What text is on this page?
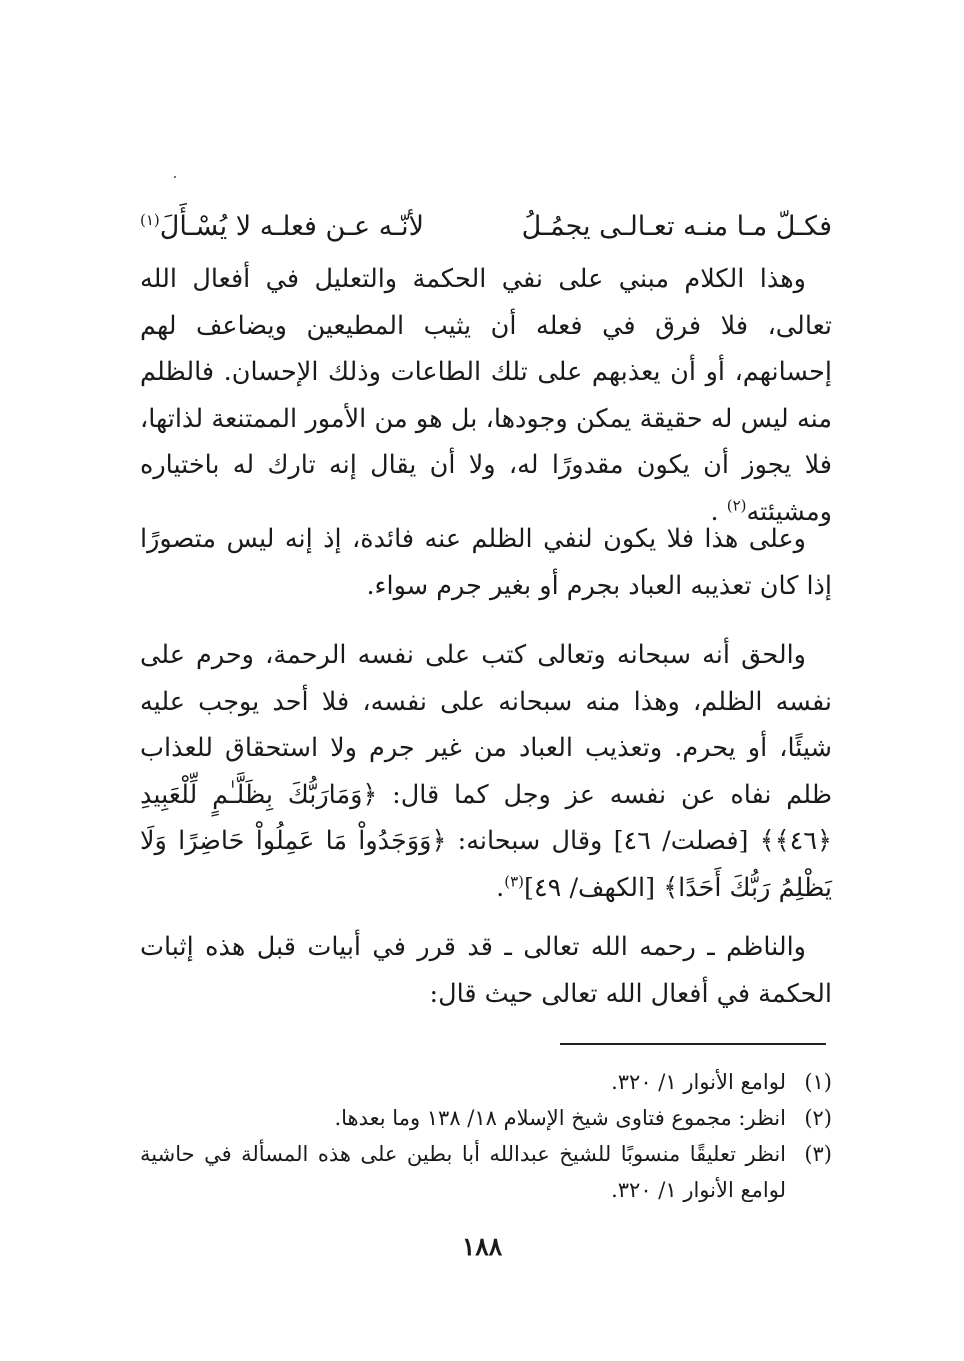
فكـلّ مـا منـه تعـالـى يجمُـلُ
لأنّـه عـن فعلـه لا يُسْـأَلَ$^{(١)}$

وهذا الكلام مبني على نفي الحكمة والتعليل في أفعال الله تعالى، فلا فرق في فعله أن يثيب المطيعين ويضاعف لهم إحسانهم، أو أن يعذبهم على تلك الطاعات وذلك الإحسان. فالظلم منه ليس له حقيقة يمكن وجودها، بل هو من الأمور الممتنعة لذاتها، فلا يجوز أن يكون مقدورًا له، ولا أن يقال إنه تارك له باختياره ومشيئته$^{(٢)}$ .

وعلى هذا فلا يكون لنفي الظلم عنه فائدة، إذ إنه ليس متصورًا إذا كان تعذيبه العباد بجرم أو بغير جرم سواء.

والحق أنه سبحانه وتعالى كتب على نفسه الرحمة، وحرم على نفسه الظلم، وهذا منه سبحانه على نفسه، فلا أحد يوجب عليه شيئًا، أو يحرم. وتعذيب العباد من غير جرم ولا استحقاق للعذاب ظلم نفاه عن نفسه عز وجل كما قال: ﴿وَمَارَبُّكَ بِظَلَّـٰمٍ لِّلْعَبِيدِ ﴿٤٦﴾﴾ [فصلت/ ٤٦] وقال سبحانه: ﴿وَوَجَدُواْ مَا عَمِلُواْ حَاضِرًا وَلَا يَظْلِمُ رَبُّكَ أَحَدًا﴾ [الكهف/ ٤٩]$^{(٣)}$.

والناظم ـ رحمه الله تعالى ـ قد قرر في أبيات قبل هذه إثبات الحكمة في أفعال الله تعالى حيث قال:

(١)
لوامع الأنوار ١/ ٣٢٠.
(٢)
انظر: مجموع فتاوى شيخ الإسلام ١٨/ ١٣٨ وما بعدها.
(٣)
انظر تعليقًا منسوبًا للشيخ عبدالله أبا بطين على هذه المسألة في حاشية لوامع الأنوار ١/ ٣٢٠.
١٨٨
